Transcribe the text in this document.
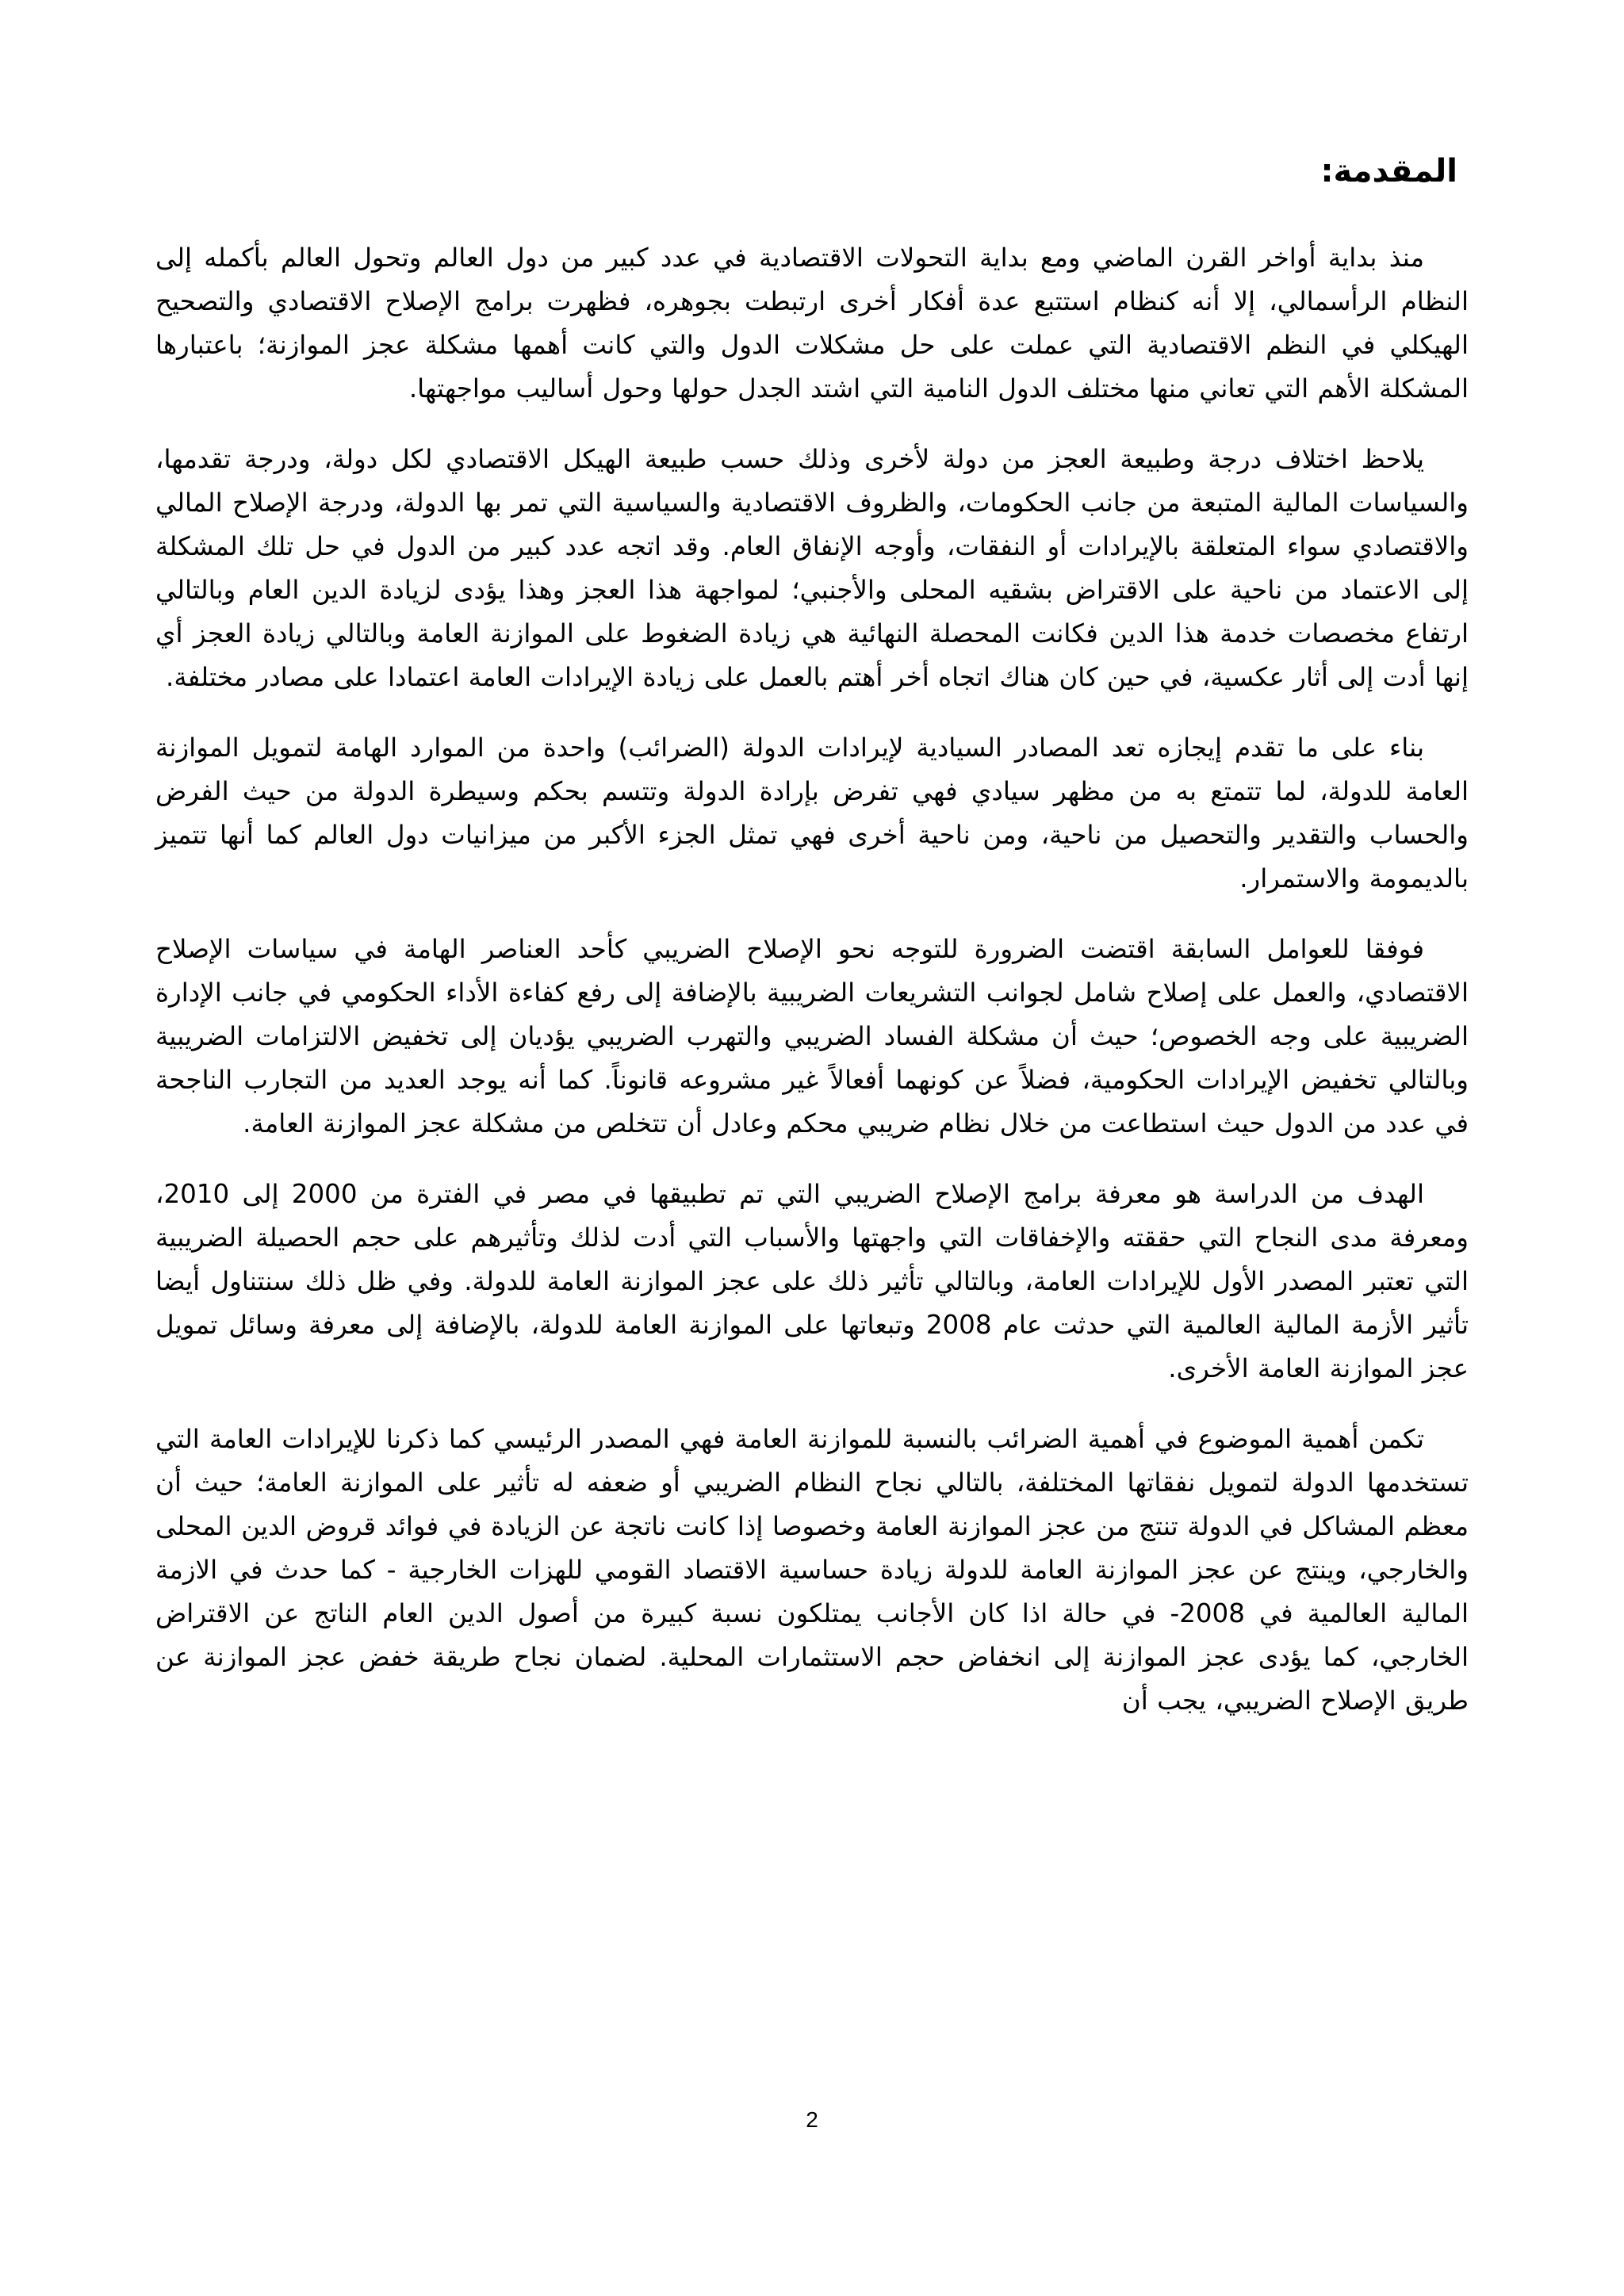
المقدمة:

منذ بداية أواخر القرن الماضي ومع بداية التحولات الاقتصادية في عدد كبير من دول العالم وتحول العالم بأكمله إلى النظام الرأسمالي، إلا أنه كنظام استتبع عدة أفكار أخرى ارتبطت بجوهره، فظهرت برامج الإصلاح الاقتصادي والتصحيح الهيكلي في النظم الاقتصادية التي عملت على حل مشكلات الدول والتي كانت أهمها مشكلة عجز الموازنة؛ باعتبارها المشكلة الأهم التي تعاني منها مختلف الدول النامية التي اشتد الجدل حولها وحول أساليب مواجهتها.

يلاحظ اختلاف درجة وطبيعة العجز من دولة لأخرى وذلك حسب طبيعة الهيكل الاقتصادي لكل دولة، ودرجة تقدمها، والسياسات المالية المتبعة من جانب الحكومات، والظروف الاقتصادية والسياسية التي تمر بها الدولة، ودرجة الإصلاح المالي والاقتصادي سواء المتعلقة بالإيرادات أو النفقات، وأوجه الإنفاق العام. وقد اتجه عدد كبير من الدول في حل تلك المشكلة إلى الاعتماد من ناحية على الاقتراض بشقيه المحلى والأجنبي؛ لمواجهة هذا العجز وهذا يؤدى لزيادة الدين العام وبالتالي ارتفاع مخصصات خدمة هذا الدين فكانت المحصلة النهائية هي زيادة الضغوط على الموازنة العامة وبالتالي زيادة العجز أي إنها أدت إلى أثار عكسية، في حين كان هناك اتجاه أخر أهتم بالعمل على زيادة الإيرادات العامة اعتمادا على مصادر مختلفة.

بناء على ما تقدم إيجازه تعد المصادر السيادية لإيرادات الدولة (الضرائب) واحدة من الموارد الهامة لتمويل الموازنة العامة للدولة، لما تتمتع به من مظهر سيادي فهي تفرض بإرادة الدولة وتتسم بحكم وسيطرة الدولة من حيث الفرض والحساب والتقدير والتحصيل من ناحية، ومن ناحية أخرى فهي تمثل الجزء الأكبر من ميزانيات دول العالم كما أنها تتميز بالديمومة والاستمرار.

فوفقا للعوامل السابقة اقتضت الضرورة للتوجه نحو الإصلاح الضريبي كأحد العناصر الهامة في سياسات الإصلاح الاقتصادي، والعمل على إصلاح شامل لجوانب التشريعات الضريبية بالإضافة إلى رفع كفاءة الأداء الحكومي في جانب الإدارة الضريبية على وجه الخصوص؛ حيث أن مشكلة الفساد الضريبي والتهرب الضريبي يؤديان إلى تخفيض الالتزامات الضريبية وبالتالي تخفيض الإيرادات الحكومية، فضلاً عن كونهما أفعالاً غير مشروعه قانوناً. كما أنه يوجد العديد من التجارب الناجحة في عدد من الدول حيث استطاعت من خلال نظام ضريبي محكم وعادل أن تتخلص من مشكلة عجز الموازنة العامة.

الهدف من الدراسة هو معرفة برامج الإصلاح الضريبي التي تم تطبيقها في مصر في الفترة من 2000 إلى 2010، ومعرفة مدى النجاح التي حققته والإخفاقات التي واجهتها والأسباب التي أدت لذلك وتأثيرهم على حجم الحصيلة الضريبية التي تعتبر المصدر الأول للإيرادات العامة، وبالتالي تأثير ذلك على عجز الموازنة العامة للدولة. وفي ظل ذلك سنتناول أيضا تأثير الأزمة المالية العالمية التي حدثت عام 2008 وتبعاتها على الموازنة العامة للدولة، بالإضافة إلى معرفة وسائل تمويل عجز الموازنة العامة الأخرى.

تكمن أهمية الموضوع في أهمية الضرائب بالنسبة للموازنة العامة فهي المصدر الرئيسي كما ذكرنا للإيرادات العامة التي تستخدمها الدولة لتمويل نفقاتها المختلفة، بالتالي نجاح النظام الضريبي أو ضعفه له تأثير على الموازنة العامة؛ حيث أن معظم المشاكل في الدولة تنتج من عجز الموازنة العامة وخصوصا إذا كانت ناتجة عن الزيادة في فوائد قروض الدين المحلى والخارجي، وينتج عن عجز الموازنة العامة للدولة زيادة حساسية الاقتصاد القومي للهزات الخارجية - كما حدث في الازمة المالية العالمية في 2008- في حالة اذا كان الأجانب يمتلكون نسبة كبيرة من أصول الدين العام الناتج عن الاقتراض الخارجي، كما يؤدى عجز الموازنة إلى انخفاض حجم الاستثمارات المحلية. لضمان نجاح طريقة خفض عجز الموازنة عن طريق الإصلاح الضريبي، يجب أن

2
